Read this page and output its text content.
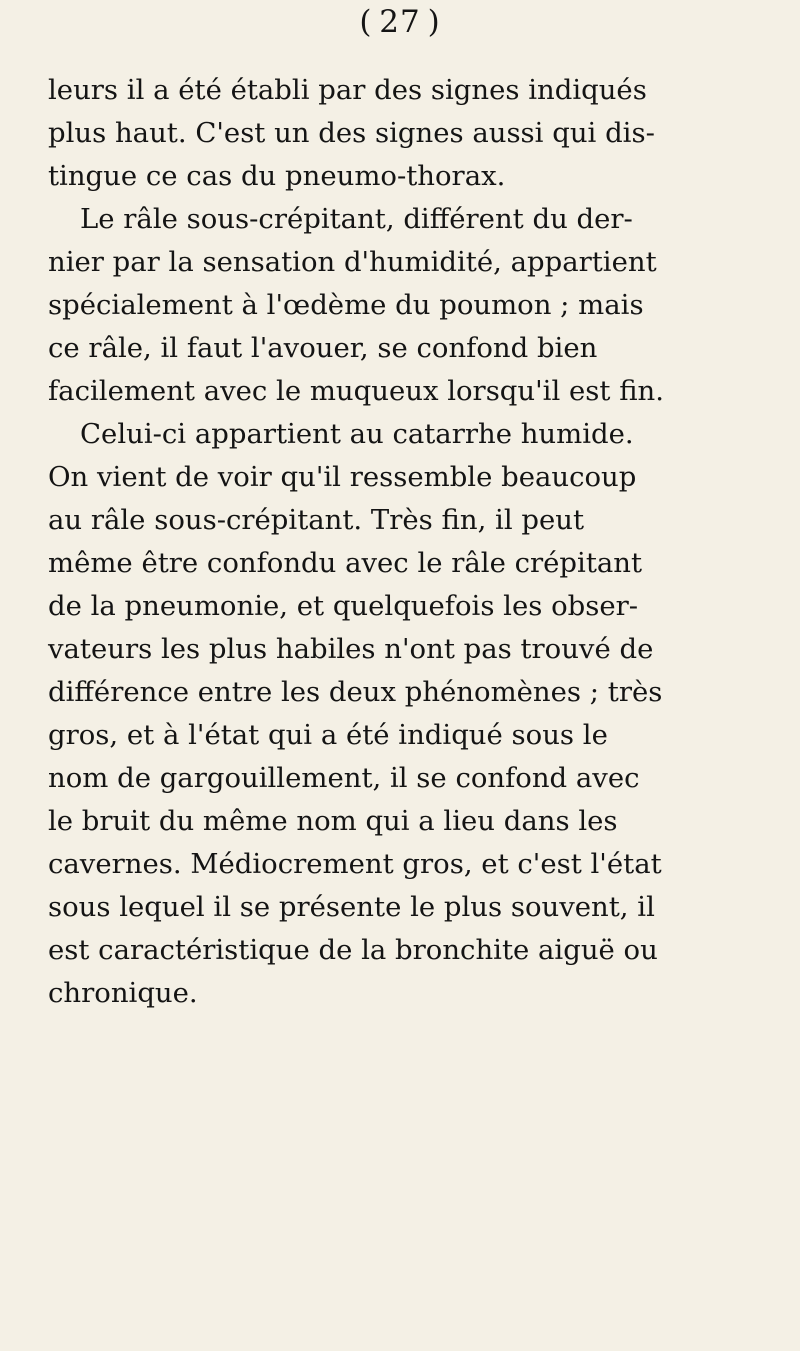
( 27 )
leurs il a été établi par des signes indiqués
plus haut. C'est un des signes aussi qui dis-
tingue ce cas du pneumo-thorax.
Le râle sous-crépitant, différent du der-
nier par la sensation d'humidité, appartient
spécialement à l'œdème du poumon ; mais
ce râle, il faut l'avouer, se confond bien
facilement avec le muqueux lorsqu'il est fin.
Celui-ci appartient au catarrhe humide.
On vient de voir qu'il ressemble beaucoup
au râle sous-crépitant. Très fin, il peut
même être confondu avec le râle crépitant
de la pneumonie, et quelquefois les obser-
vateurs les plus habiles n'ont pas trouvé de
différence entre les deux phénomènes ; très
gros, et à l'état qui a été indiqué sous le
nom de gargouillement, il se confond avec
le bruit du même nom qui a lieu dans les
cavernes. Médiocrement gros, et c'est l'état
sous lequel il se présente le plus souvent, il
est caractéristique de la bronchite aiguë ou
chronique.
